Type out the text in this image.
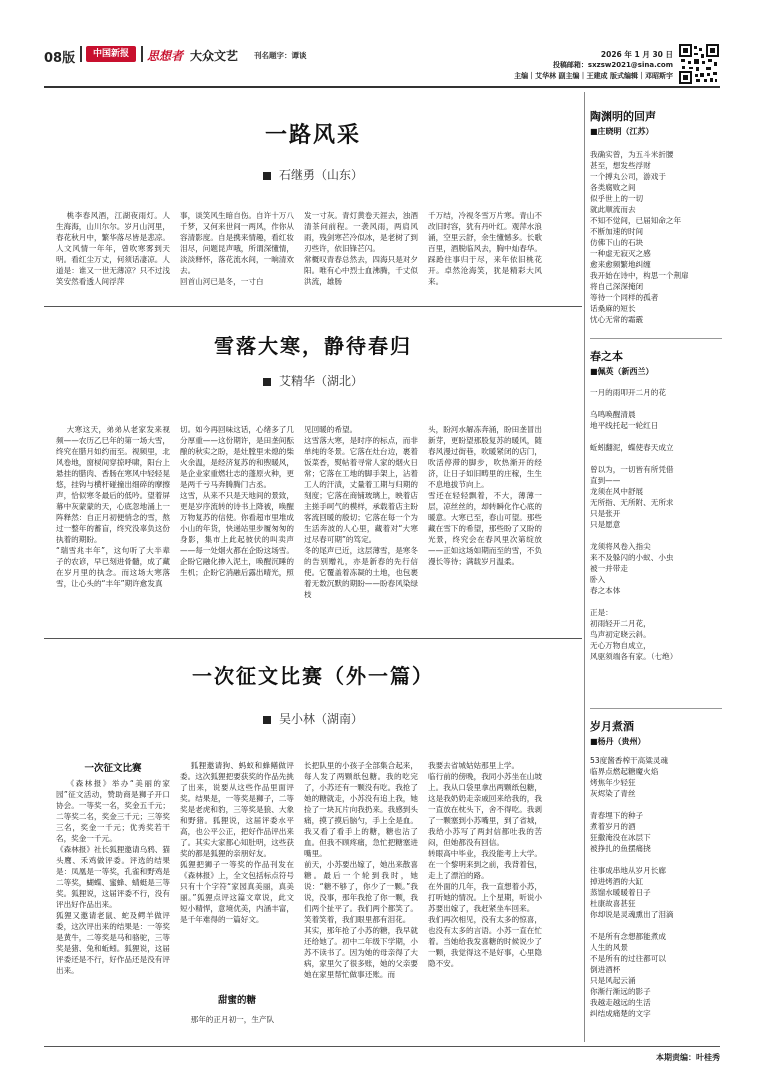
08版	中国新报	思想者 大众文艺 刊名题字：谭谈	2026 年 1 月 30 日
投稿邮箱：sxzsw2021@sina.com
主编｜艾华林 副主编｜王建成 版式编辑｜邓昭斯宇
一路风采
石继勇（山东）
桃李春风酒，江湖夜雨灯。人生海海，山川尔尔。岁月山河里，春花秋月中，繁华落尽皆是悲凉。人文风情一年年，曾吹寒雾到天明。看红尘万丈，何须话凄凉。人道是：谁又一世无薄凉？只不过浅笑安然看透人间浮萍
事，谈笑风生暗自伤。自许十万八千梦，又何来世间一两风，作你从容清影度。自是携来情趣，看红妆泪尽，问题昆声哦，所谓深懂情，淡淡释怀，落花流水间，一晌清欢去。
回首山河已是冬，一寸白
发一寸灰。青灯黄卷天涯去，浊酒清茶问前程。一袭风雨，两肩风雨，残剑寒芒冷似冰，是老树了到刃些许，依旧锋芒闪。
常概叹青春总然去，四海只是对夕阳。唯有心中烈士血沸腾，千丈似洪流，雄肠
千万结，冷视冬雪万片寒。青山不改旧时容，犹有丹叶红。观萍水浪涌，空里云舒，余生懂憾多。长歌百里，酒脱临风去，胸中灿春华。踩跄往事归于尽，来年依旧桃花开。卓然沧海笑，犹是精彩大风来。
雪落大寒，静待春归
艾精华（湖北）
大寒这天，弟弟从老家发来视频——农历乙巳年的第一场大雪，终究在腊月如约而至。视频里，北风卷地，窗棂间穿掠呼啸，阳台上悬挂的腊肉、香肠在寒风中轻轻晃悠，挂钩与横杆碰撞出细碎的摩擦声，恰似寒冬最后的低吟。望着屏幕中灰蒙蒙的天，心底忽地涌上一阵释然：自正月初便悄念的雪，熬过一整年的蓄盲，终究没辜负这份执着的期盼。
“瑞雪兆丰年”，这句听了大半辈子的农谚，早已刻进骨髓，成了藏在岁月里的执念。而这场大寒落雪，让心头的“丰年”期许愈发真
切。如今再回味这话，心绪多了几分厚重——这份期许，是田垄间酝酿的秋实之盼，是灶膛里未熄的柴火余温，是经济复苏的和煦暖风，是企业家重燃壮志的蓬原火种，更是两千亏马奔腾腾门古丞。
这雪，从来不只是天地间的景致，更是岁序流转的诗书上降被，唤醒万物复苏的信使。你看超市里堆成小山的年货，快递站里步履匆匆的身影，集市上此起彼伏的叫卖声——每一处烟火都在企盼这场雪。企盼它融化掺入泥土，唤醒沉睡的生机；企盼它消融后露出晴光，照
见回暖的希望。
这雪落大寒，是时序的标点，而非单纯的冬景。它落在灶台边，裹着饭菜香，熨帖着寻常人家的烟火日常；它落在工地的脚手架上，沾着工人的汗渍，丈量着工期与归期的刻度；它落在商铺玻璃上，映着店主搓手呵气的模样，承载着店主盼客流回暖的殷切；它落在每一个为生活奔波的人心里，藏着对“大寒过尽春可期”的笃定。
冬的尾声已近，这层薄雪，是寒冬的告别赠礼，亦是新春的先行信使。它覆盖着冻凝的土地，也包裹着无数沉默的期盼——盼春风染绿枝
头，盼河水解冻奔涌，盼田垄冒出新芽，更盼望那股复苏的暖风，随春风漫过街巷，吹暖紧闭的店门，吹活停滞的脚步，吹热渐开的经济，让日子如旧畴里的庄稼，生生不息地拔节向上。
雪还在轻轻飘着，不大，薄薄一层，凉丝丝的，却转瞬化作心底的暖意。大寒已至，春山可望。那些藏在雪下的希望，那些盼了又盼的光景，终究会在春风里次第绽放——正如这场如期而至的雪，不负漫长等待；满载岁月温柔。
一次征文比赛（外一篇）
吴小林（湖南）
一次征文比赛
《森林报》举办“美丽的家园”征文活动，赞助商是狮子开口协会。一等奖一名，奖金五千元；二等奖二名，奖金三千元；三等奖三名，奖金一千元；优秀奖若干名，奖金一千元。
《森林报》社长狐狸邀请乌鸦、猫头鹰、禾鸡做评委。评选的结果是：凤凰是一等奖，孔雀和野鸡是二等奖，蝴蝶、蜜蜂、蜻蜓是三等奖。狐狸说，这届评委不行，没有评出好作品出来。
狐狸又邀请老鼠、蛇及鳄羊做评委，这次评出来的结果是：一等奖是黄牛，二等奖是马和骆驼，三等奖是猪、兔和蚯蚓。狐狸说，这届评委还是不行，好作品还是没有评出来。
狐狸邀请狗、蚂蚁和蜂鳝做评委。这次狐狸把要获奖的作品先挑了出来，说要从这些作品里面评奖。结果是，一等奖是狮子，二等奖是老虎和豹，三等奖是狼、大象和野猪。狐狸说，这届评委水平高，也公平公正，把好作品评出来了。其实大家都心知肚明，这些获奖的都是狐狸的亲朋好友。
狐狸把狮子一等奖的作品刊发在《森林报》上，全文包括标点符号只有十个字符“家园真美丽，真美丽。”狐狸点评这篇文章说，此文短小精悍，意境优美，内涵丰富，是千年难得的一篇好文。
甜蜜的糖
那年的正月初一，生产队
长把队里的小孩子全部集合起来，每人发了两颗纸包糖。我的吃完了，小苏还有一颗没有吃。我抢了她的糖就走，小苏没有追上我，她捡了一块瓦片向我扔来。我感到头痛，摸了摸后脑勺，手上全是血。我又看了看手上的糖，糖也沾了血。但我不顾疼痛，急忙把糖塞进嘴里。
前天，小苏要出嫁了，她出来散喜糖。最后一个轮到我时，她说：“糖不够了，你少了一颗。”我说，没事，那年我抢了你一颗，我们两个扯平了。我们两个都笑了。笑着笑着，我们眼里都有泪花。
其实，那年抢了小苏的糖，我早就还给她了。初中二年级下学期，小苏不读书了。因为她的母亲得了大病，家里欠了很多账，她的父亲要她在家里帮忙做事还账。而
我要去省城姑姑那里上学。
临行前的傍晚，我同小苏坐在山坡上。我从口袋里拿出两颗纸包糖，这是我奶奶走亲戚回来给我的，我一直放在枕头下，舍不得吃。我剥了一颗塞到小苏嘴里，到了省城，我给小苏写了两封信都吐我的苦闷，但她都没有回信。
转眼高中毕业，我没能考上大学。在一个黎明来到之前，我背着包，走上了漂泊的路。
在外面的几年，我一直想着小苏，打听她的情况。上个星期，听说小苏要出嫁了，我赶紧坐车回来。
我们再次相见，没有太多的惊喜，也没有太多的言语。小苏一直在忙着。当她给我发喜糖的时候说少了一颗，我觉得这不是好事，心里隐隐不安。
陶渊明的回声
■庄晓明（江苏）
我确实曾，为五斗米折腰
甚至，想发些浮财
一个搏丸公司，游戏于
各类腐败之间
似乎世上的一切
就此顺流而去
不知不觉间，已届知命之年
不断加速的时间
仿佛下山的石块
一种虚无寂灭之感
愈来愈频繁地纠缠
我开始在诗中，构思一个荆扉
将自己深深掩闭
等待一个同样的孤者
话桑麻的短长
忧心无常的霜霰
春之本
■佩英（新西兰）
一月的雨叩开二月的花

乌鸣唤醒清晨
地平线托起一轮红日

蚯蚓翻泥，蝶使春天成立

曾以为，一切皆有所凭借
直到——
龙须在风中舒展
无所指、无所附、无所求
只是张开
只是愿意

龙须将风卷入指尖
来不及躲闪的小蚁、小虫
被一并带走
卧入
春之本体

正是：
初雨轻开二月花，
鸟声初定晓云斜。
无心万物自成立，
风驱须端各有家。（七绝）
岁月煮酒
■杨丹（贵州）
53度酱香榨干高粱灵魂
临界点燃起糖魔火焰
烤焦年少轻狂
灰烬染了青丝

青春埋下的种子
煮着岁月的酒
狂撒淹没在冰层下
被挣扎的鱼摆痛挠

往事成串地从岁月长廊
掉进烤酒的大缸
蒸馏水暖暖着日子
杜康故喜甚狂
你却说是灵魂熏出了泪滴

不是所有念想都能煮成
人生的风景
不是所有的过往都可以
倒进酒杯
只是风起云涌
你渐行渐远的影子
我越走越远的生活
纠结成痛楚的文字
本期责编：叶桂秀
